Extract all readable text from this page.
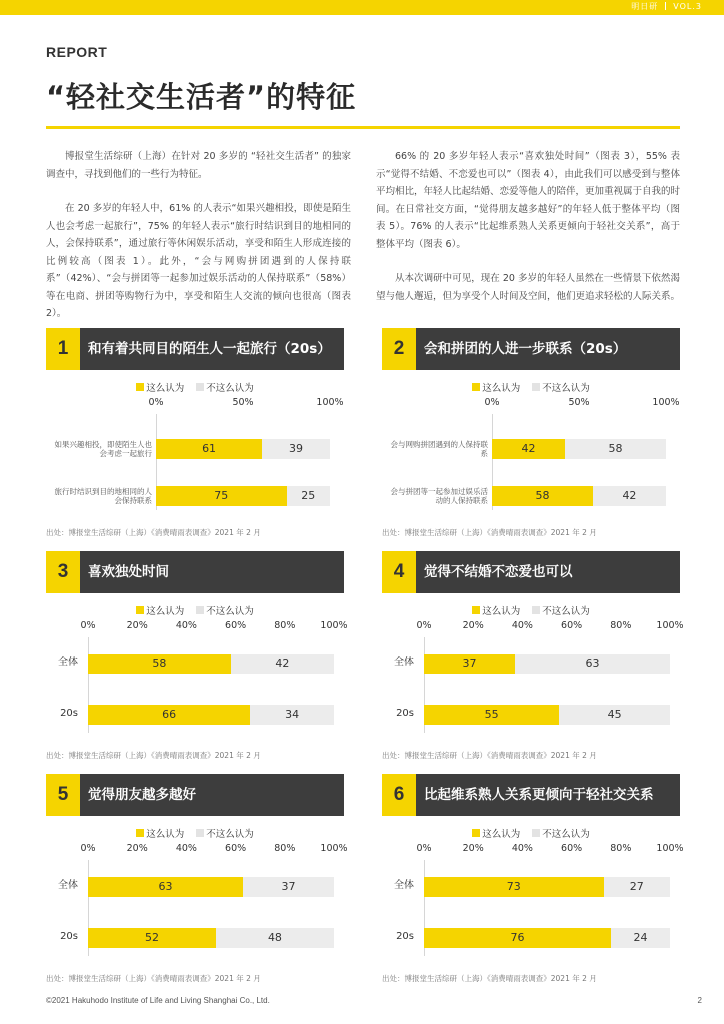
明日研 VOL.3
REPORT
“轻社交生活者”的特征

博报堂生活综研（上海）在针对 20 多岁的 “轻社交生活者” 的独家调查中，寻找到他们的一些行为特征。

在 20 多岁的年轻人中，61% 的人表示“如果兴趣相投，即使是陌生人也会考虑一起旅行”，75% 的年轻人表示“旅行时结识到目的地相同的人，会保持联系”，通过旅行等休闲娱乐活动，享受和陌生人形成连接的比例较高（图表 1）。此外，“会与网购拼团遇到的人保持联系”（42%）、“会与拼团等一起参加过娱乐活动的人保持联系”（58%）等在电商、拼团等购物行为中，享受和陌生人交流的倾向也很高（图表 2）。

66% 的 20 多岁年轻人表示“喜欢独处时间”（图表 3），55% 表示“觉得不结婚、不恋爱也可以”（图表 4），由此我们可以感受到与整体平均相比，年轻人比起结婚、恋爱等他人的陪伴，更加重视属于自我的时间。在日常社交方面，“觉得朋友越多越好”的年轻人低于整体平均（图表 5）。76% 的人表示“比起维系熟人关系更倾向于轻社交关系”，高于整体平均（图表 6）。

从本次调研中可见，现在 20 多岁的年轻人虽然在一些情景下依然渴望与他人邂逅，但为享受个人时间及空间，他们更追求轻松的人际关系。

1	和有着共同目的陌生人一起旅行（20s）
这么认为 不这么认为
0%	50%	100%
如果兴趣相投，即使陌生人也会考虑一起旅行	61	39
旅行时结识到目的地相同的人会保持联系	75	25
出处：博报堂生活综研（上海）《消费晴雨表调查》2021 年 2 月
2	会和拼团的人进一步联系（20s）
这么认为 不这么认为
0%	50%	100%
会与网购拼团遇到的人保持联系	42	58
会与拼团等一起参加过娱乐活动的人保持联系	58	42
出处：博报堂生活综研（上海）《消费晴雨表调查》2021 年 2 月
3	喜欢独处时间
这么认为 不这么认为
0%	20%	40%	60%	80%	100%
全体	58	42
20s	66	34
出处：博报堂生活综研（上海）《消费晴雨表调查》2021 年 2 月
4	觉得不结婚不恋爱也可以
这么认为 不这么认为
0%	20%	40%	60%	80%	100%
全体	37	63
20s	55	45
出处：博报堂生活综研（上海）《消费晴雨表调查》2021 年 2 月
5	觉得朋友越多越好
这么认为 不这么认为
0%	20%	40%	60%	80%	100%
全体	63	37
20s	52	48
出处：博报堂生活综研（上海）《消费晴雨表调查》2021 年 2 月
6	比起维系熟人关系更倾向于轻社交关系
这么认为 不这么认为
0%	20%	40%	60%	80%	100%
全体	73	27
20s	76	24
出处：博报堂生活综研（上海）《消费晴雨表调查》2021 年 2 月
©2021 Hakuhodo Institute of Life and Living Shanghai Co., Ltd.	2
